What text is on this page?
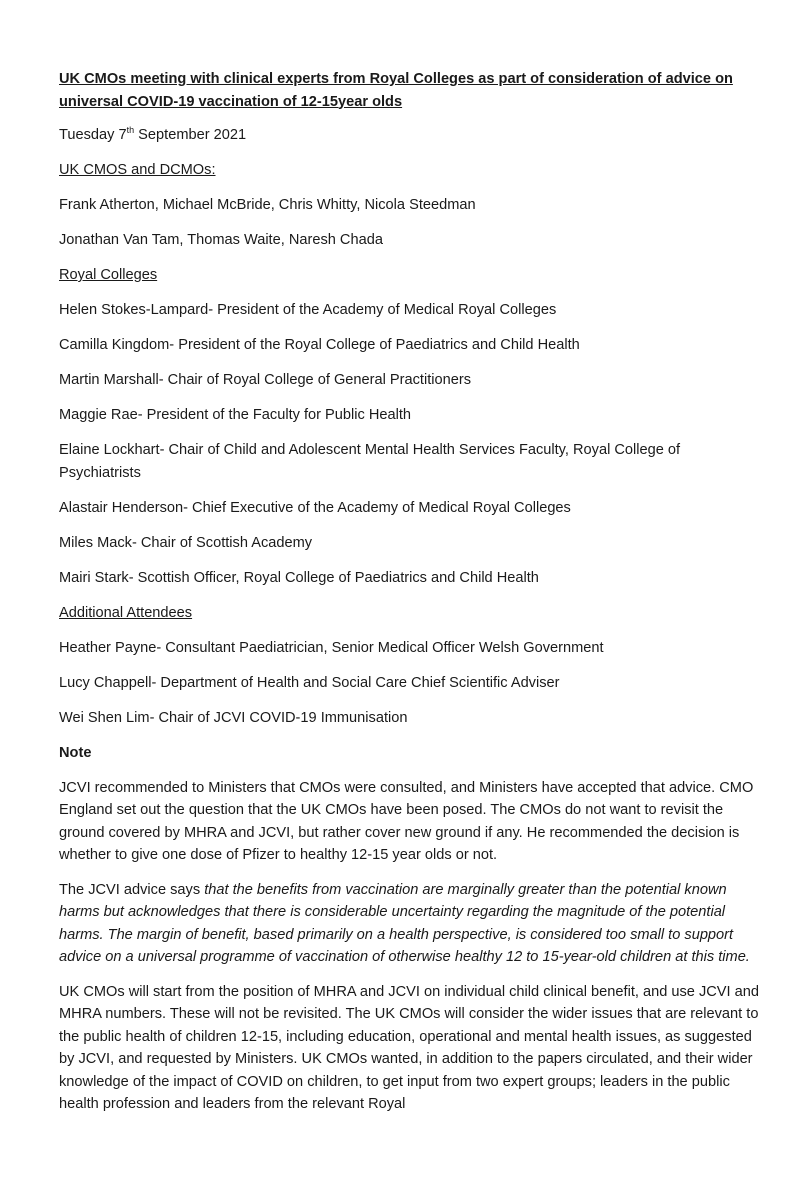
UK CMOs meeting with clinical experts from Royal Colleges as part of consideration of advice on universal COVID-19 vaccination of 12-15year olds
Tuesday 7th September 2021
UK CMOS and DCMOs:
Frank Atherton, Michael McBride, Chris Whitty, Nicola Steedman
Jonathan Van Tam, Thomas Waite, Naresh Chada
Royal Colleges
Helen Stokes-Lampard- President of the Academy of Medical Royal Colleges
Camilla Kingdom- President of the Royal College of Paediatrics and Child Health
Martin Marshall- Chair of Royal College of General Practitioners
Maggie Rae- President of the Faculty for Public Health
Elaine Lockhart- Chair of Child and Adolescent Mental Health Services Faculty, Royal College of Psychiatrists
Alastair Henderson- Chief Executive of the Academy of Medical Royal Colleges
Miles Mack- Chair of Scottish Academy
Mairi Stark- Scottish Officer, Royal College of Paediatrics and Child Health
Additional Attendees
Heather Payne- Consultant Paediatrician, Senior Medical Officer Welsh Government
Lucy Chappell- Department of Health and Social Care Chief Scientific Adviser
Wei Shen Lim- Chair of JCVI COVID-19 Immunisation
Note
JCVI recommended to Ministers that CMOs were consulted, and Ministers have accepted that advice. CMO England set out the question that the UK CMOs have been posed. The CMOs do not want to revisit the ground covered by MHRA and JCVI, but rather cover new ground if any. He recommended the decision is whether to give one dose of Pfizer to healthy 12-15 year olds or not.
The JCVI advice says that the benefits from vaccination are marginally greater than the potential known harms but acknowledges that there is considerable uncertainty regarding the magnitude of the potential harms. The margin of benefit, based primarily on a health perspective, is considered too small to support advice on a universal programme of vaccination of otherwise healthy 12 to 15-year-old children at this time.
UK CMOs will start from the position of MHRA and JCVI on individual child clinical benefit, and use JCVI and MHRA numbers. These will not be revisited. The UK CMOs will consider the wider issues that are relevant to the public health of children 12-15, including education, operational and mental health issues, as suggested by JCVI, and requested by Ministers. UK CMOs wanted, in addition to the papers circulated, and their wider knowledge of the impact of COVID on children, to get input from two expert groups; leaders in the public health profession and leaders from the relevant Royal
